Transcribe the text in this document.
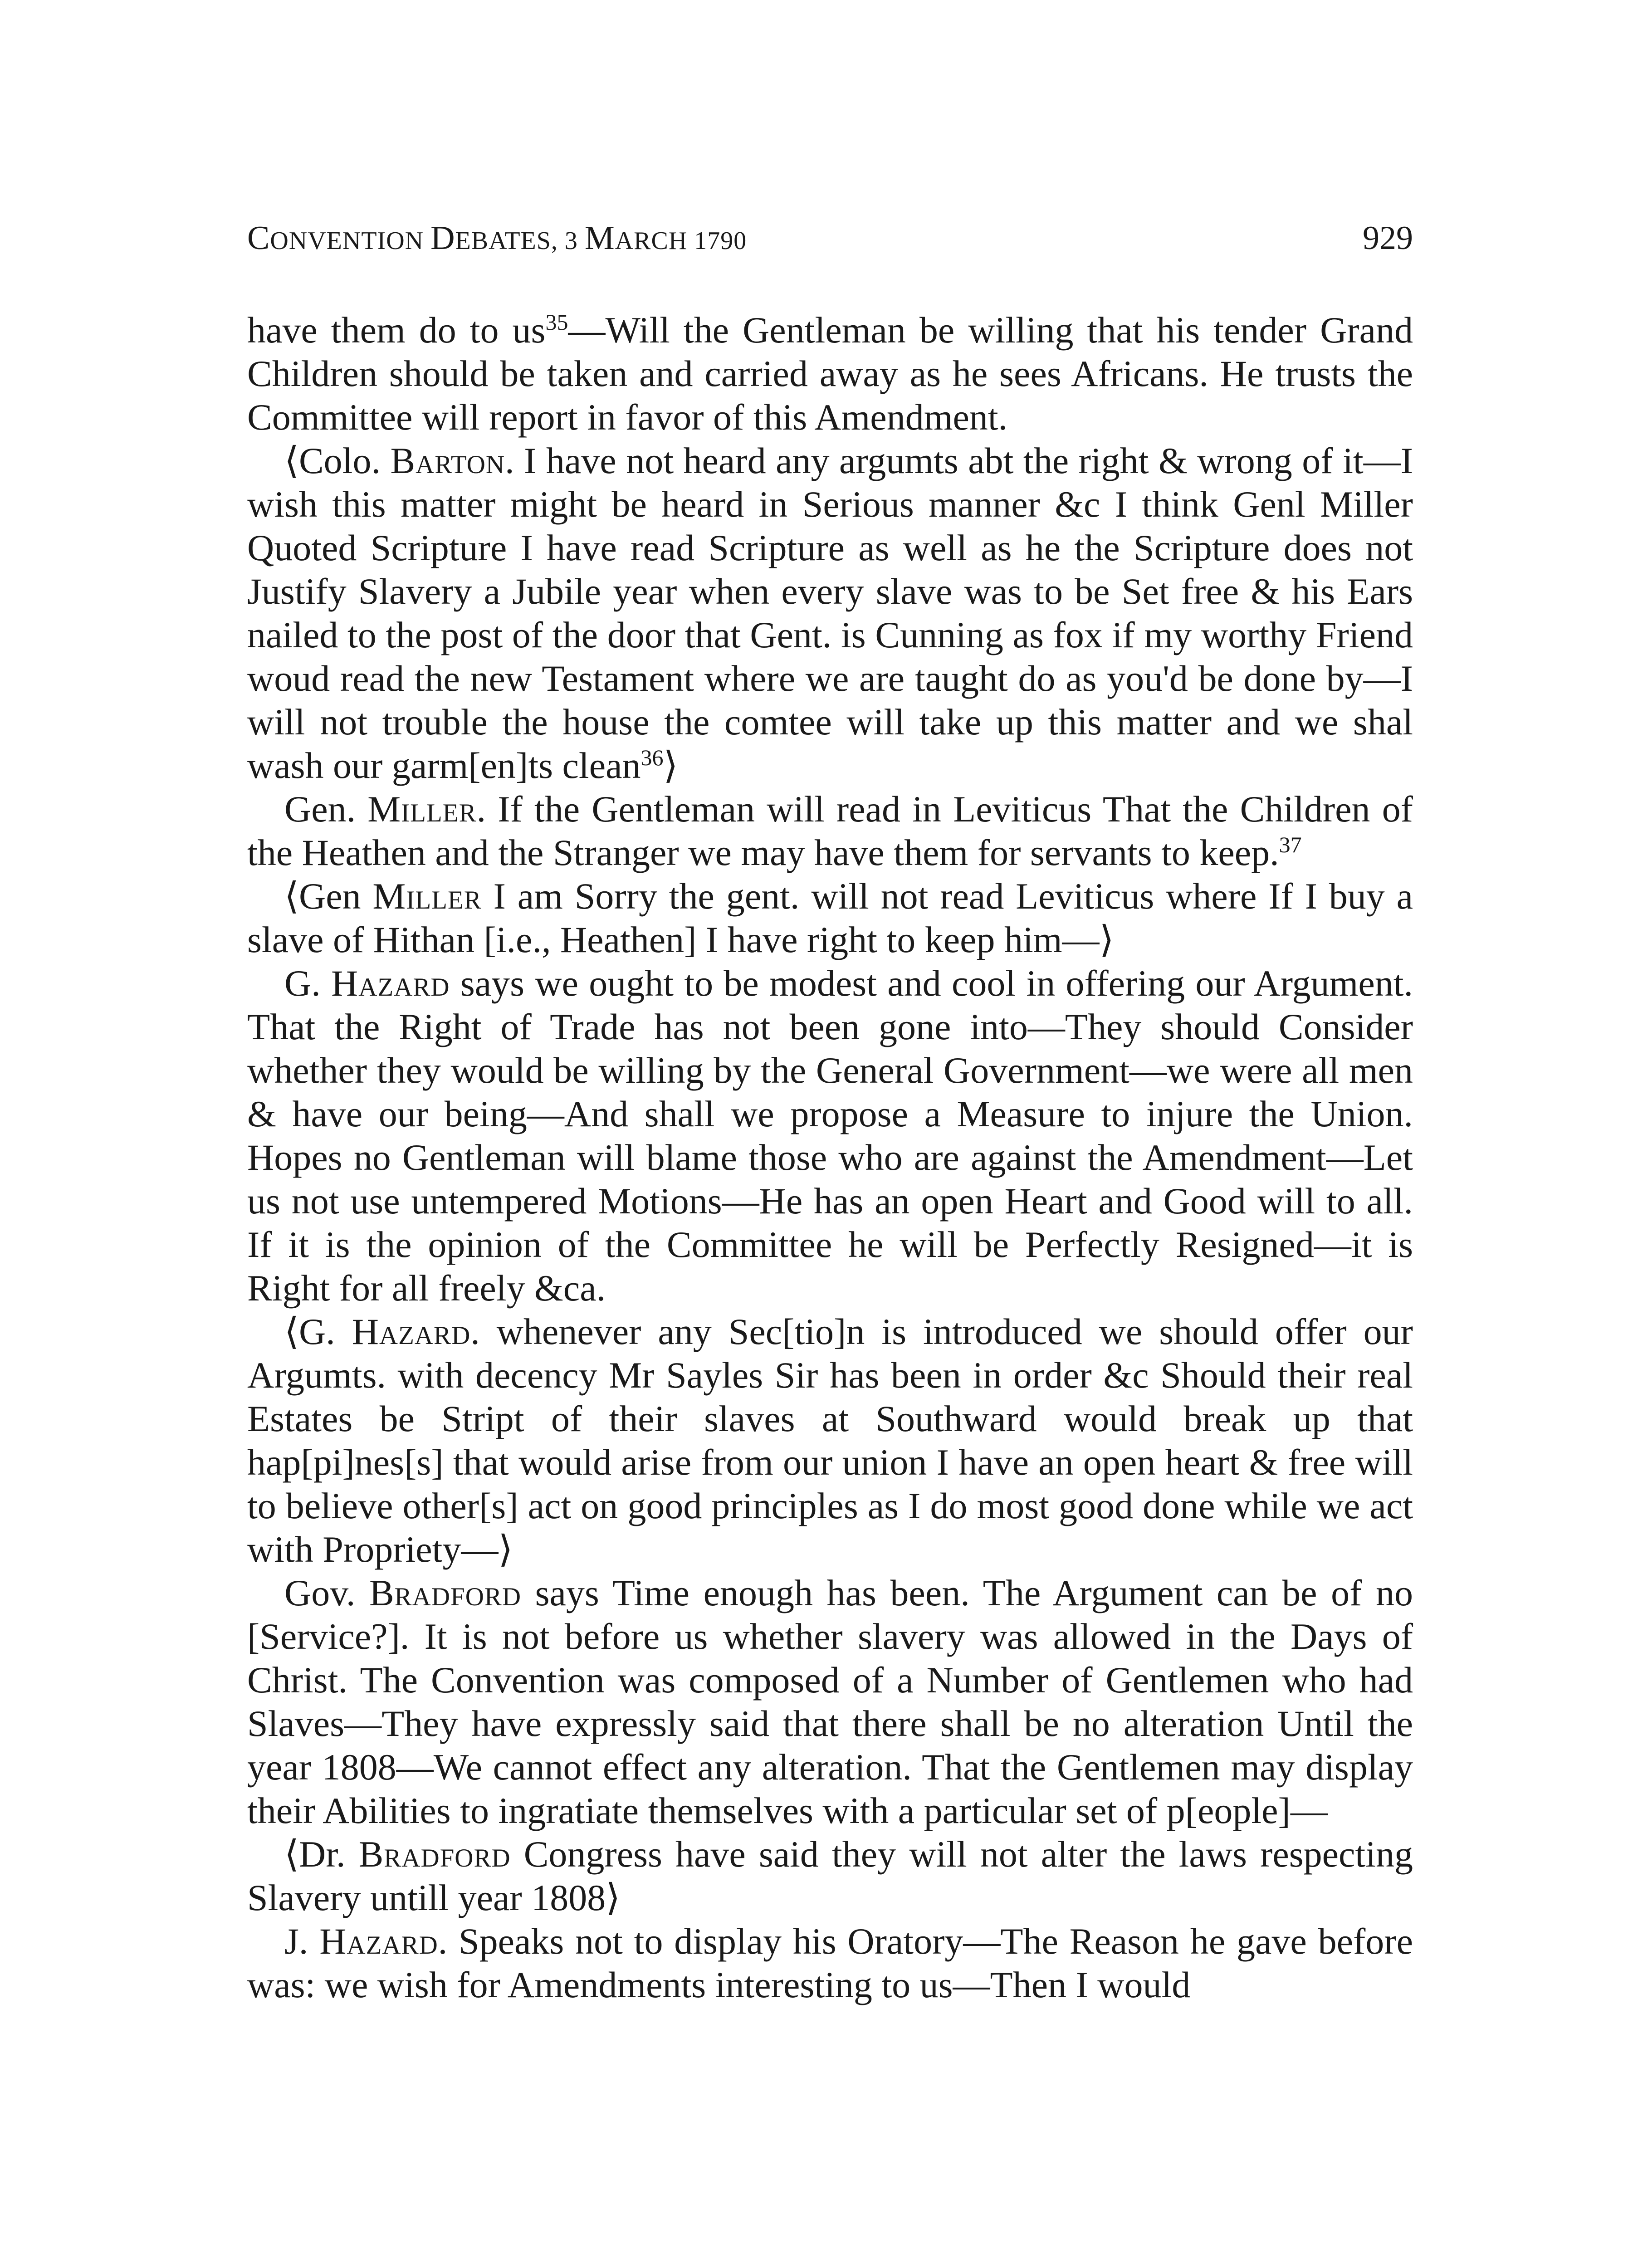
CONVENTION DEBATES, 3 MARCH 1790	929

have them do to $us^{35}—Will$ the Gentleman be willing that his tender Grand Children should be taken and carried away as he sees Africans. He trusts the Committee will report in favor of this Amendment.

⟨Colo. Barton. I have not heard any argumts abt the right & wrong of it—I wish this matter might be heard in Serious manner &c I think Genl Miller Quoted Scripture I have read Scripture as well as he the Scripture does not Justify Slavery a Jubile year when every slave was to be Set free & his Ears nailed to the post of the door that Gent. is Cunning as fox if my worthy Friend woud read the new Testament where we are taught do as you'd be done by—I will not trouble the house the comtee will take up this matter and we shal wash our garm[en]ts clean$^{36}$⟩

Gen. Miller. If the Gentleman will read in Leviticus That the Children of the Heathen and the Stranger we may have them for servants to keep.$^{37}$

⟨Gen Miller I am Sorry the gent. will not read Leviticus where If I buy a slave of Hithan [i.e., Heathen] I have right to keep him—⟩

G. Hazard says we ought to be modest and cool in offering our Argument. That the Right of Trade has not been gone into—They should Consider whether they would be willing by the General Government—we were all men & have our being—And shall we propose a Measure to injure the Union. Hopes no Gentleman will blame those who are against the Amendment—Let us not use untempered Motions—He has an open Heart and Good will to all. If it is the opinion of the Committee he will be Perfectly Resigned—it is Right for all freely &ca.

⟨G. Hazard. whenever any Sec[tio]n is introduced we should offer our Argumts. with decency Mr Sayles Sir has been in order &c Should their real Estates be Stript of their slaves at Southward would break up that hap[pi]nes[s] that would arise from our union I have an open heart & free will to believe other[s] act on good principles as I do most good done while we act with Propriety—⟩

Gov. Bradford says Time enough has been. The Argument can be of no [Service?]. It is not before us whether slavery was allowed in the Days of Christ. The Convention was composed of a Number of Gentlemen who had Slaves—They have expressly said that there shall be no alteration Until the year 1808—We cannot effect any alteration. That the Gentlemen may display their Abilities to ingratiate themselves with a particular set of p[eople]—

⟨Dr. Bradford Congress have said they will not alter the laws respecting Slavery untill year 1808⟩

J. Hazard. Speaks not to display his Oratory—The Reason he gave before was: we wish for Amendments interesting to us—Then I would
